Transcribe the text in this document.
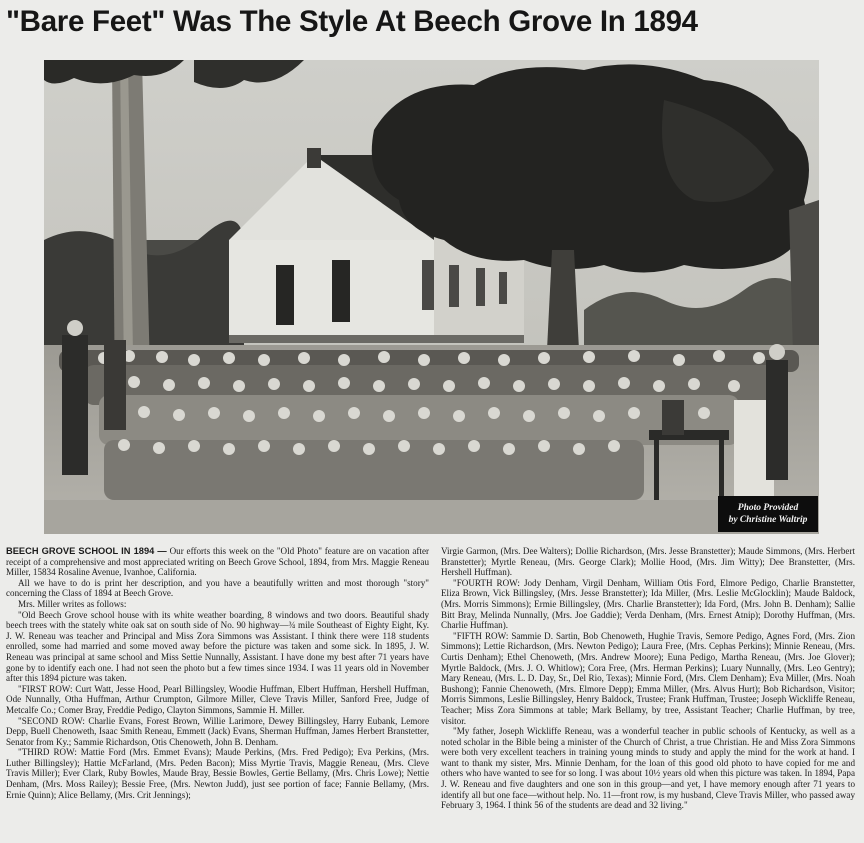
"Bare Feet" Was The Style At Beech Grove In 1894
Photo Provided
by Christine Waltrip

BEECH GROVE SCHOOL IN 1894 — Our efforts this week on the "Old Photo" feature are on vacation after receipt of a comprehensive and most appreciated writing on Beech Grove School, 1894, from Mrs. Maggie Reneau Miller, 15834 Rosaline Avenue, Ivanhoe, California.

All we have to do is print her description, and you have a beautifully written and most thorough "story" concerning the Class of 1894 at Beech Grove.

Mrs. Miller writes as follows:

"Old Beech Grove school house with its white weather boarding, 8 windows and two doors. Beautiful shady beech trees with the stately white oak sat on south side of No. 90 highway—¾ mile Southeast of Eighty Eight, Ky. J. W. Reneau was teacher and Principal and Miss Zora Simmons was Assistant. I think there were 118 students enrolled, some had married and some moved away before the picture was taken and some sick. In 1895, J. W. Reneau was principal at same school and Miss Settie Nunnally, Assistant. I have done my best after 71 years have gone by to identify each one. I had not seen the photo but a few times since 1934. I was 11 years old in November after this 1894 picture was taken.

"FIRST ROW: Curt Watt, Jesse Hood, Pearl Billingsley, Woodie Huffman, Elbert Huffman, Hershell Huffman, Ode Nunnally, Otha Huffman, Arthur Crumpton, Gilmore Miller, Cleve Travis Miller, Sanford Free, Judge of Metcalfe Co.; Comer Bray, Freddie Pedigo, Clayton Simmons, Sammie H. Miller.

"SECOND ROW: Charlie Evans, Forest Brown, Willie Larimore, Dewey Billingsley, Harry Eubank, Lemore Depp, Buell Chenoweth, Isaac Smith Reneau, Emmett (Jack) Evans, Sherman Huffman, James Herbert Branstetter, Senator from Ky.; Sammie Richardson, Otis Chenoweth, John B. Denham.

"THIRD ROW: Mattie Ford (Mrs. Emmet Evans); Maude Perkins, (Mrs. Fred Pedigo); Eva Perkins, (Mrs. Luther Billingsley); Hattie McFarland, (Mrs. Peden Bacon); Miss Myrtie Travis, Maggie Reneau, (Mrs. Cleve Travis Miller); Ever Clark, Ruby Bowles, Maude Bray, Bessie Bowles, Gertie Bellamy, (Mrs. Chris Lowe); Nettie Denham, (Mrs. Moss Railey); Bessie Free, (Mrs. Newton Judd), just see portion of face; Fannie Bellamy, (Mrs. Ernie Quinn); Alice Bellamy, (Mrs. Crit Jennings);

Virgie Garmon, (Mrs. Dee Walters); Dollie Richardson, (Mrs. Jesse Branstetter); Maude Simmons, (Mrs. Herbert Branstetter); Myrtle Reneau, (Mrs. George Clark); Mollie Hood, (Mrs. Jim Witty); Dee Branstetter, (Mrs. Hershell Huffman).

"FOURTH ROW: Jody Denham, Virgil Denham, William Otis Ford, Elmore Pedigo, Charlie Branstetter, Eliza Brown, Vick Billingsley, (Mrs. Jesse Branstetter); Ida Miller, (Mrs. Leslie McGlocklin); Maude Baldock, (Mrs. Morris Simmons); Ermie Billingsley, (Mrs. Charlie Branstetter); Ida Ford, (Mrs. John B. Denham); Sallie Bitt Bray, Melinda Nunnally, (Mrs. Joe Gaddie); Verda Denham, (Mrs. Ernest Atnip); Dorothy Huffman, (Mrs. Charlie Huffman).

"FIFTH ROW: Sammie D. Sartin, Bob Chenoweth, Hughie Travis, Semore Pedigo, Agnes Ford, (Mrs. Zion Simmons); Lettie Richardson, (Mrs. Newton Pedigo); Laura Free, (Mrs. Cephas Perkins); Minnie Reneau, (Mrs. Curtis Denham); Ethel Chenoweth, (Mrs. Andrew Moore); Euna Pedigo, Martha Reneau, (Mrs. Joe Glover); Myrtle Baldock, (Mrs. J. O. Whitlow); Cora Free, (Mrs. Herman Perkins); Luary Nunnally, (Mrs. Leo Gentry); Mary Reneau, (Mrs. L. D. Day, Sr., Del Rio, Texas); Minnie Ford, (Mrs. Clem Denham); Eva Miller, (Mrs. Noah Bushong); Fannie Chenoweth, (Mrs. Elmore Depp); Emma Miller, (Mrs. Alvus Hurt); Bob Richardson, Visitor; Morris Simmons, Leslie Billingsley, Henry Baldock, Trustee; Frank Huffman, Trustee; Joseph Wickliffe Reneau, Teacher; Miss Zora Simmons at table; Mark Bellamy, by tree, Assistant Teacher; Charlie Huffman, by tree, visitor.

"My father, Joseph Wickliffe Reneau, was a wonderful teacher in public schools of Kentucky, as well as a noted scholar in the Bible being a minister of the Church of Christ, a true Christian. He and Miss Zora Simmons were both very excellent teachers in training young minds to study and apply the mind for the work at hand. I want to thank my sister, Mrs. Minnie Denham, for the loan of this good old photo to have copied for me and others who have wanted to see for so long. I was about 10½ years old when this picture was taken. In 1894, Papa J. W. Reneau and five daughters and one son in this group—and yet, I have memory enough after 71 years to identify all but one face—without help. No. 11—front row, is my husband, Cleve Travis Miller, who passed away February 3, 1964. I think 56 of the students are dead and 32 living."
